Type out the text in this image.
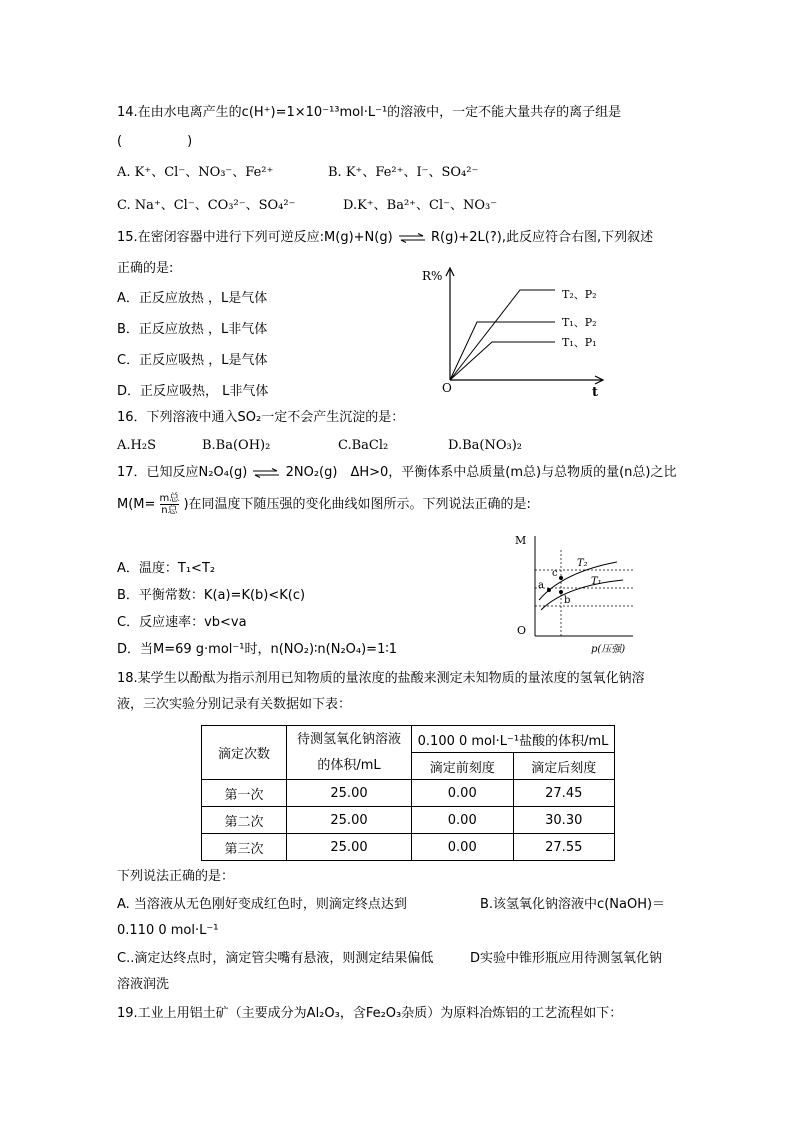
14.在由水电离产生的c(H⁺)=1×10⁻¹³mol·L⁻¹的溶液中，一定不能大量共存的离子组是
(　　　　　)
A. K⁺、Cl⁻、NO₃⁻、Fe²⁺	B. K⁺、Fe²⁺、I⁻、SO₄²⁻
C. Na⁺、Cl⁻、CO₃²⁻、SO₄²⁻	D.K⁺、Ba²⁺、Cl⁻、NO₃⁻
15.在密闭容器中进行下列可逆反应:M(g)+N(g) ⇌ R(g)+2L(?),此反应符合右图,下列叙述
正确的是:
A．正反应放热 ，L是气体
B．正反应放热 ，L非气体
C．正反应吸热 ，L是气体
D．正反应吸热， L非气体
R%
O	t
T₂、P₂
T₁、P₂
T₁、P₁
16．下列溶液中通入SO₂一定不会产生沉淀的是：
A.H₂S	B.Ba(OH)₂	C.BaCl₂	D.Ba(NO₃)₂
17．已知反应N₂O₄(g) ⇌ 2NO₂(g)　ΔH>0，平衡体系中总质量(m总)与总物质的量(n总)之比
M(M= m总
n总 )在同温度下随压强的变化曲线如图所示。下列说法正确的是:
A．温度：T₁<T₂
B．平衡常数：K(a)=K(b)<K(c)
C．反应速率：vb<va
D．当M=69 g·mol⁻¹时，n(NO₂)∶n(N₂O₄)=1∶1
M
O
p(压强)
T₂
T₁
a
b
c
18.某学生以酚酞为指示剂用已知物质的量浓度的盐酸来测定未知物质的量浓度的氢氧化钠溶
液，三次实验分别记录有关数据如下表：
滴定次数	待测氢氧化钠溶液
的体积/mL	0.100 0 mol·L⁻¹盐酸的体积/mL	
		滴定前刻度	滴定后刻度
第一次	25.00	0.00	27.45
第二次	25.00	0.00	30.30
第三次	25.00	0.00	27.55
下列说法正确的是：
A. 当溶液从无色刚好变成红色时，则滴定终点达到	B.该氢氧化钠溶液中c(NaOH)＝
0.110 0 mol·L⁻¹
C..滴定达终点时，滴定管尖嘴有悬液，则测定结果偏低	D实验中锥形瓶应用待测氢氧化钠
溶液润洗
19.工业上用铝土矿（主要成分为Al₂O₃，含Fe₂O₃杂质）为原料冶炼铝的工艺流程如下：
